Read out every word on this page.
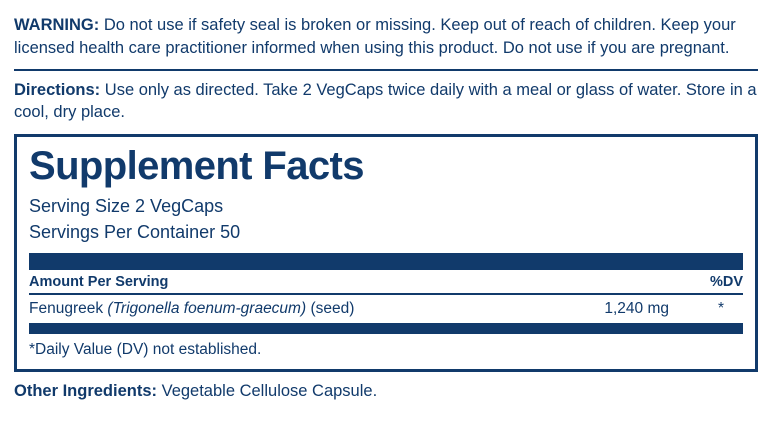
WARNING: Do not use if safety seal is broken or missing. Keep out of reach of children. Keep your licensed health care practitioner informed when using this product. Do not use if you are pregnant.
Directions: Use only as directed. Take 2 VegCaps twice daily with a meal or glass of water. Store in a cool, dry place.
Supplement Facts
Serving Size 2 VegCaps
Servings Per Container 50
Amount Per Serving	%DV
Fenugreek (Trigonella foenum-graecum) (seed)	1,240 mg	*
*Daily Value (DV) not established.
Other Ingredients: Vegetable Cellulose Capsule.
